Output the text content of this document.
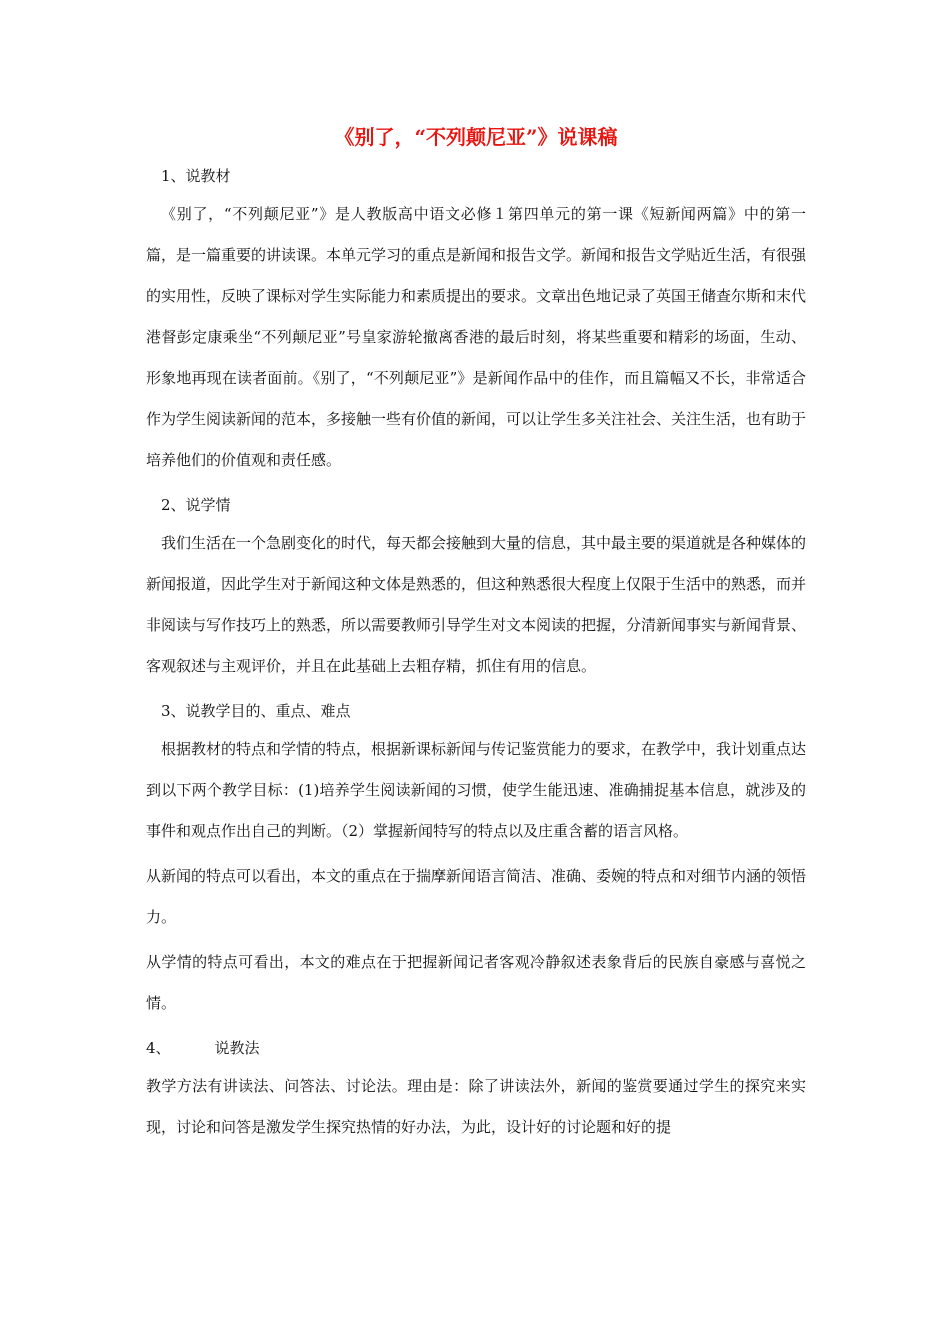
《别了，“不列颠尼亚”》说课稿
1、说教材
《别了，“不列颠尼亚”》是人教版高中语文必修１第四单元的第一课《短新闻两篇》中的第一篇，是一篇重要的讲读课。本单元学习的重点是新闻和报告文学。新闻和报告文学贴近生活，有很强的实用性，反映了课标对学生实际能力和素质提出的要求。文章出色地记录了英国王储查尔斯和末代港督彭定康乘坐“不列颠尼亚”号皇家游轮撤离香港的最后时刻，将某些重要和精彩的场面，生动、形象地再现在读者面前。《别了，“不列颠尼亚”》是新闻作品中的佳作，而且篇幅又不长，非常适合作为学生阅读新闻的范本，多接触一些有价值的新闻，可以让学生多关注社会、关注生活，也有助于培养他们的价值观和责任感。
2、说学情
我们生活在一个急剧变化的时代，每天都会接触到大量的信息，其中最主要的渠道就是各种媒体的新闻报道，因此学生对于新闻这种文体是熟悉的，但这种熟悉很大程度上仅限于生活中的熟悉，而并非阅读与写作技巧上的熟悉，所以需要教师引导学生对文本阅读的把握，分清新闻事实与新闻背景、客观叙述与主观评价，并且在此基础上去粗存精，抓住有用的信息。
3、说教学目的、重点、难点
根据教材的特点和学情的特点，根据新课标新闻与传记鉴赏能力的要求，在教学中，我计划重点达到以下两个教学目标：(1)培养学生阅读新闻的习惯，使学生能迅速、准确捕捉基本信息，就涉及的事件和观点作出自己的判断。（2）掌握新闻特写的特点以及庄重含蓄的语言风格。
从新闻的特点可以看出，本文的重点在于揣摩新闻语言简洁、准确、委婉的特点和对细节内涵的领悟力。
从学情的特点可看出，本文的难点在于把握新闻记者客观冷静叙述表象背后的民族自豪感与喜悦之情。
4、	说教法
教学方法有讲读法、问答法、讨论法。理由是：除了讲读法外，新闻的鉴赏要通过学生的探究来实现，讨论和问答是激发学生探究热情的好办法，为此，设计好的讨论题和好的提
